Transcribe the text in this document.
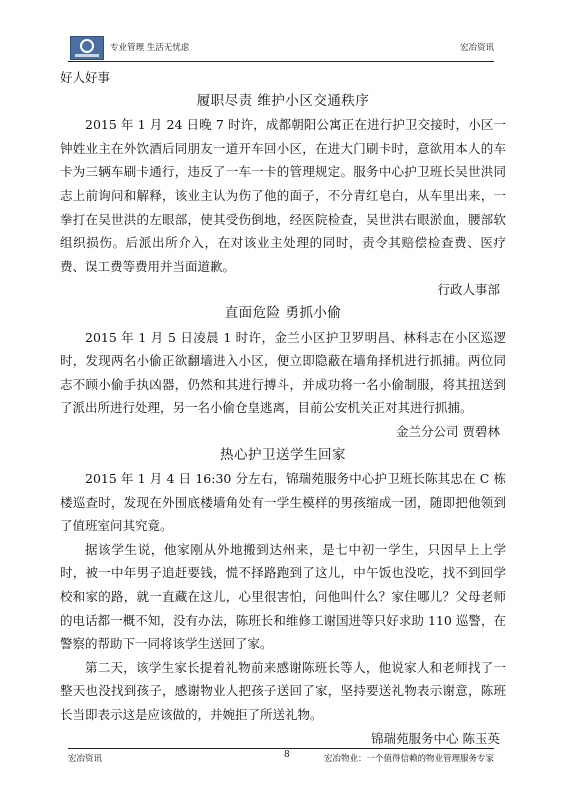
专业管理 生活无忧虑	宏冶资讯
好人好事
履职尽责 维护小区交通秩序

2015 年 1 月 24 日晚 7 时许，成都朝阳公寓正在进行护卫交接时，小区一钟姓业主在外饮酒后同朋友一道开车回小区，在进大门刷卡时，意欲用本人的车卡为三辆车刷卡通行，违反了一车一卡的管理规定。服务中心护卫班长吴世洪同志上前询问和解释，该业主认为伤了他的面子，不分青红皂白，从车里出来，一拳打在吴世洪的左眼部，使其受伤倒地，经医院检查，吴世洪右眼淤血，腰部软组织损伤。后派出所介入，在对该业主处理的同时，责令其赔偿检查费、医疗费、误工费等费用并当面道歉。

行政人事部
直面危险 勇抓小偷

2015 年 1 月 5 日凌晨 1 时许，金兰小区护卫罗明昌、林科志在小区巡逻时，发现两名小偷正欲翻墙进入小区，便立即隐蔽在墙角择机进行抓捕。两位同志不顾小偷手执凶器，仍然和其进行搏斗，并成功将一名小偷制服，将其扭送到了派出所进行处理，另一名小偷仓皇逃离，目前公安机关正对其进行抓捕。

金兰分公司 贾碧林
热心护卫送学生回家

2015 年 1 月 4 日 16:30 分左右，锦瑞苑服务中心护卫班长陈其忠在 C 栋楼巡查时，发现在外围底楼墙角处有一学生模样的男孩缩成一团，随即把他领到了值班室问其究竟。

据该学生说，他家刚从外地搬到达州来，是七中初一学生，只因早上上学时，被一中年男子追赶要钱，慌不择路跑到了这儿，中午饭也没吃，找不到回学校和家的路，就一直藏在这儿，心里很害怕，问他叫什么？家住哪儿？父母老师的电话都一概不知，没有办法，陈班长和维修工谢国进等只好求助 110 巡警，在警察的帮助下一同将该学生送回了家。

第二天，该学生家长提着礼物前来感谢陈班长等人，他说家人和老师找了一整天也没找到孩子，感谢物业人把孩子送回了家，坚持要送礼物表示谢意，陈班长当即表示这是应该做的，并婉拒了所送礼物。

锦瑞苑服务中心 陈玉英
宏冶资讯	8	宏冶物业：一个值得信赖的物业管理服务专家
